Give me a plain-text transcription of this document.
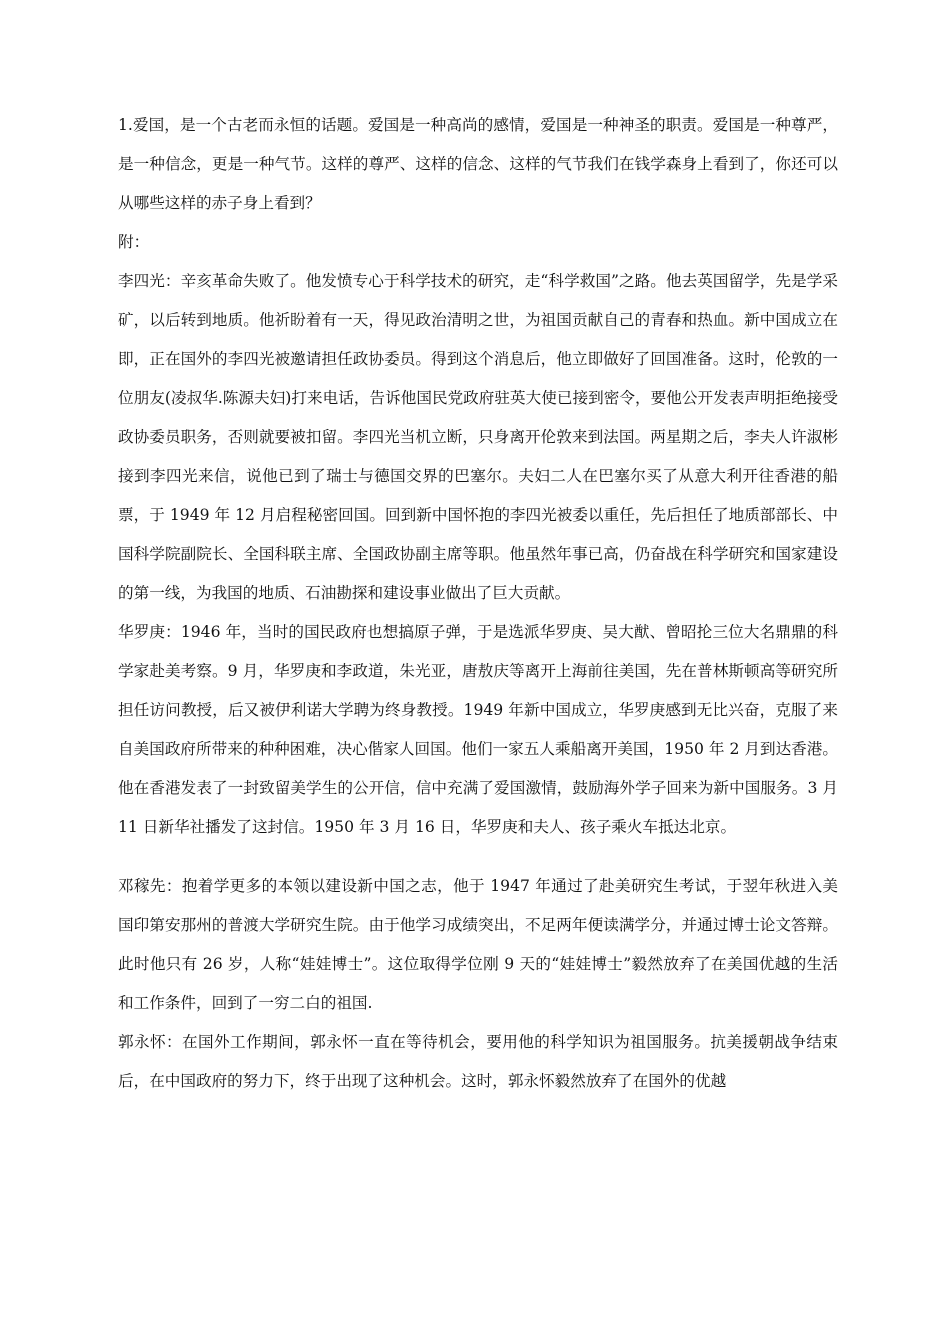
1.爱国，是一个古老而永恒的话题。爱国是一种高尚的感情，爱国是一种神圣的职责。爱国是一种尊严，是一种信念，更是一种气节。这样的尊严、这样的信念、这样的气节我们在钱学森身上看到了，你还可以从哪些这样的赤子身上看到？

附：

李四光：辛亥革命失败了。他发愤专心于科学技术的研究，走“科学救国”之路。他去英国留学，先是学采矿，以后转到地质。他祈盼着有一天，得见政治清明之世，为祖国贡献自己的青春和热血。新中国成立在即，正在国外的李四光被邀请担任政协委员。得到这个消息后，他立即做好了回国准备。这时，伦敦的一位朋友(凌叔华.陈源夫妇)打来电话，告诉他国民党政府驻英大使已接到密令，要他公开发表声明拒绝接受政协委员职务，否则就要被扣留。李四光当机立断，只身离开伦敦来到法国。两星期之后，李夫人许淑彬接到李四光来信，说他已到了瑞士与德国交界的巴塞尔。夫妇二人在巴塞尔买了从意大利开往香港的船票，于 1949 年 12 月启程秘密回国。回到新中国怀抱的李四光被委以重任，先后担任了地质部部长、中国科学院副院长、全国科联主席、全国政协副主席等职。他虽然年事已高，仍奋战在科学研究和国家建设的第一线，为我国的地质、石油勘探和建设事业做出了巨大贡献。

华罗庚：1946 年，当时的国民政府也想搞原子弹，于是选派华罗庚、吴大猷、曾昭抡三位大名鼎鼎的科学家赴美考察。9 月，华罗庚和李政道，朱光亚，唐敖庆等离开上海前往美国，先在普林斯顿高等研究所担任访问教授，后又被伊利诺大学聘为终身教授。1949 年新中国成立，华罗庚感到无比兴奋，克服了来自美国政府所带来的种种困难，决心偕家人回国。他们一家五人乘船离开美国，1950 年 2 月到达香港。他在香港发表了一封致留美学生的公开信，信中充满了爱国激情，鼓励海外学子回来为新中国服务。3 月 11 日新华社播发了这封信。1950 年 3 月 16 日，华罗庚和夫人、孩子乘火车抵达北京。

邓稼先：抱着学更多的本领以建设新中国之志，他于 1947 年通过了赴美研究生考试，于翌年秋进入美国印第安那州的普渡大学研究生院。由于他学习成绩突出，不足两年便读满学分，并通过博士论文答辩。此时他只有 26 岁，人称“娃娃博士”。这位取得学位刚 9 天的“娃娃博士”毅然放弃了在美国优越的生活和工作条件，回到了一穷二白的祖国.

郭永怀：在国外工作期间，郭永怀一直在等待机会，要用他的科学知识为祖国服务。抗美援朝战争结束后，在中国政府的努力下，终于出现了这种机会。这时，郭永怀毅然放弃了在国外的优越
